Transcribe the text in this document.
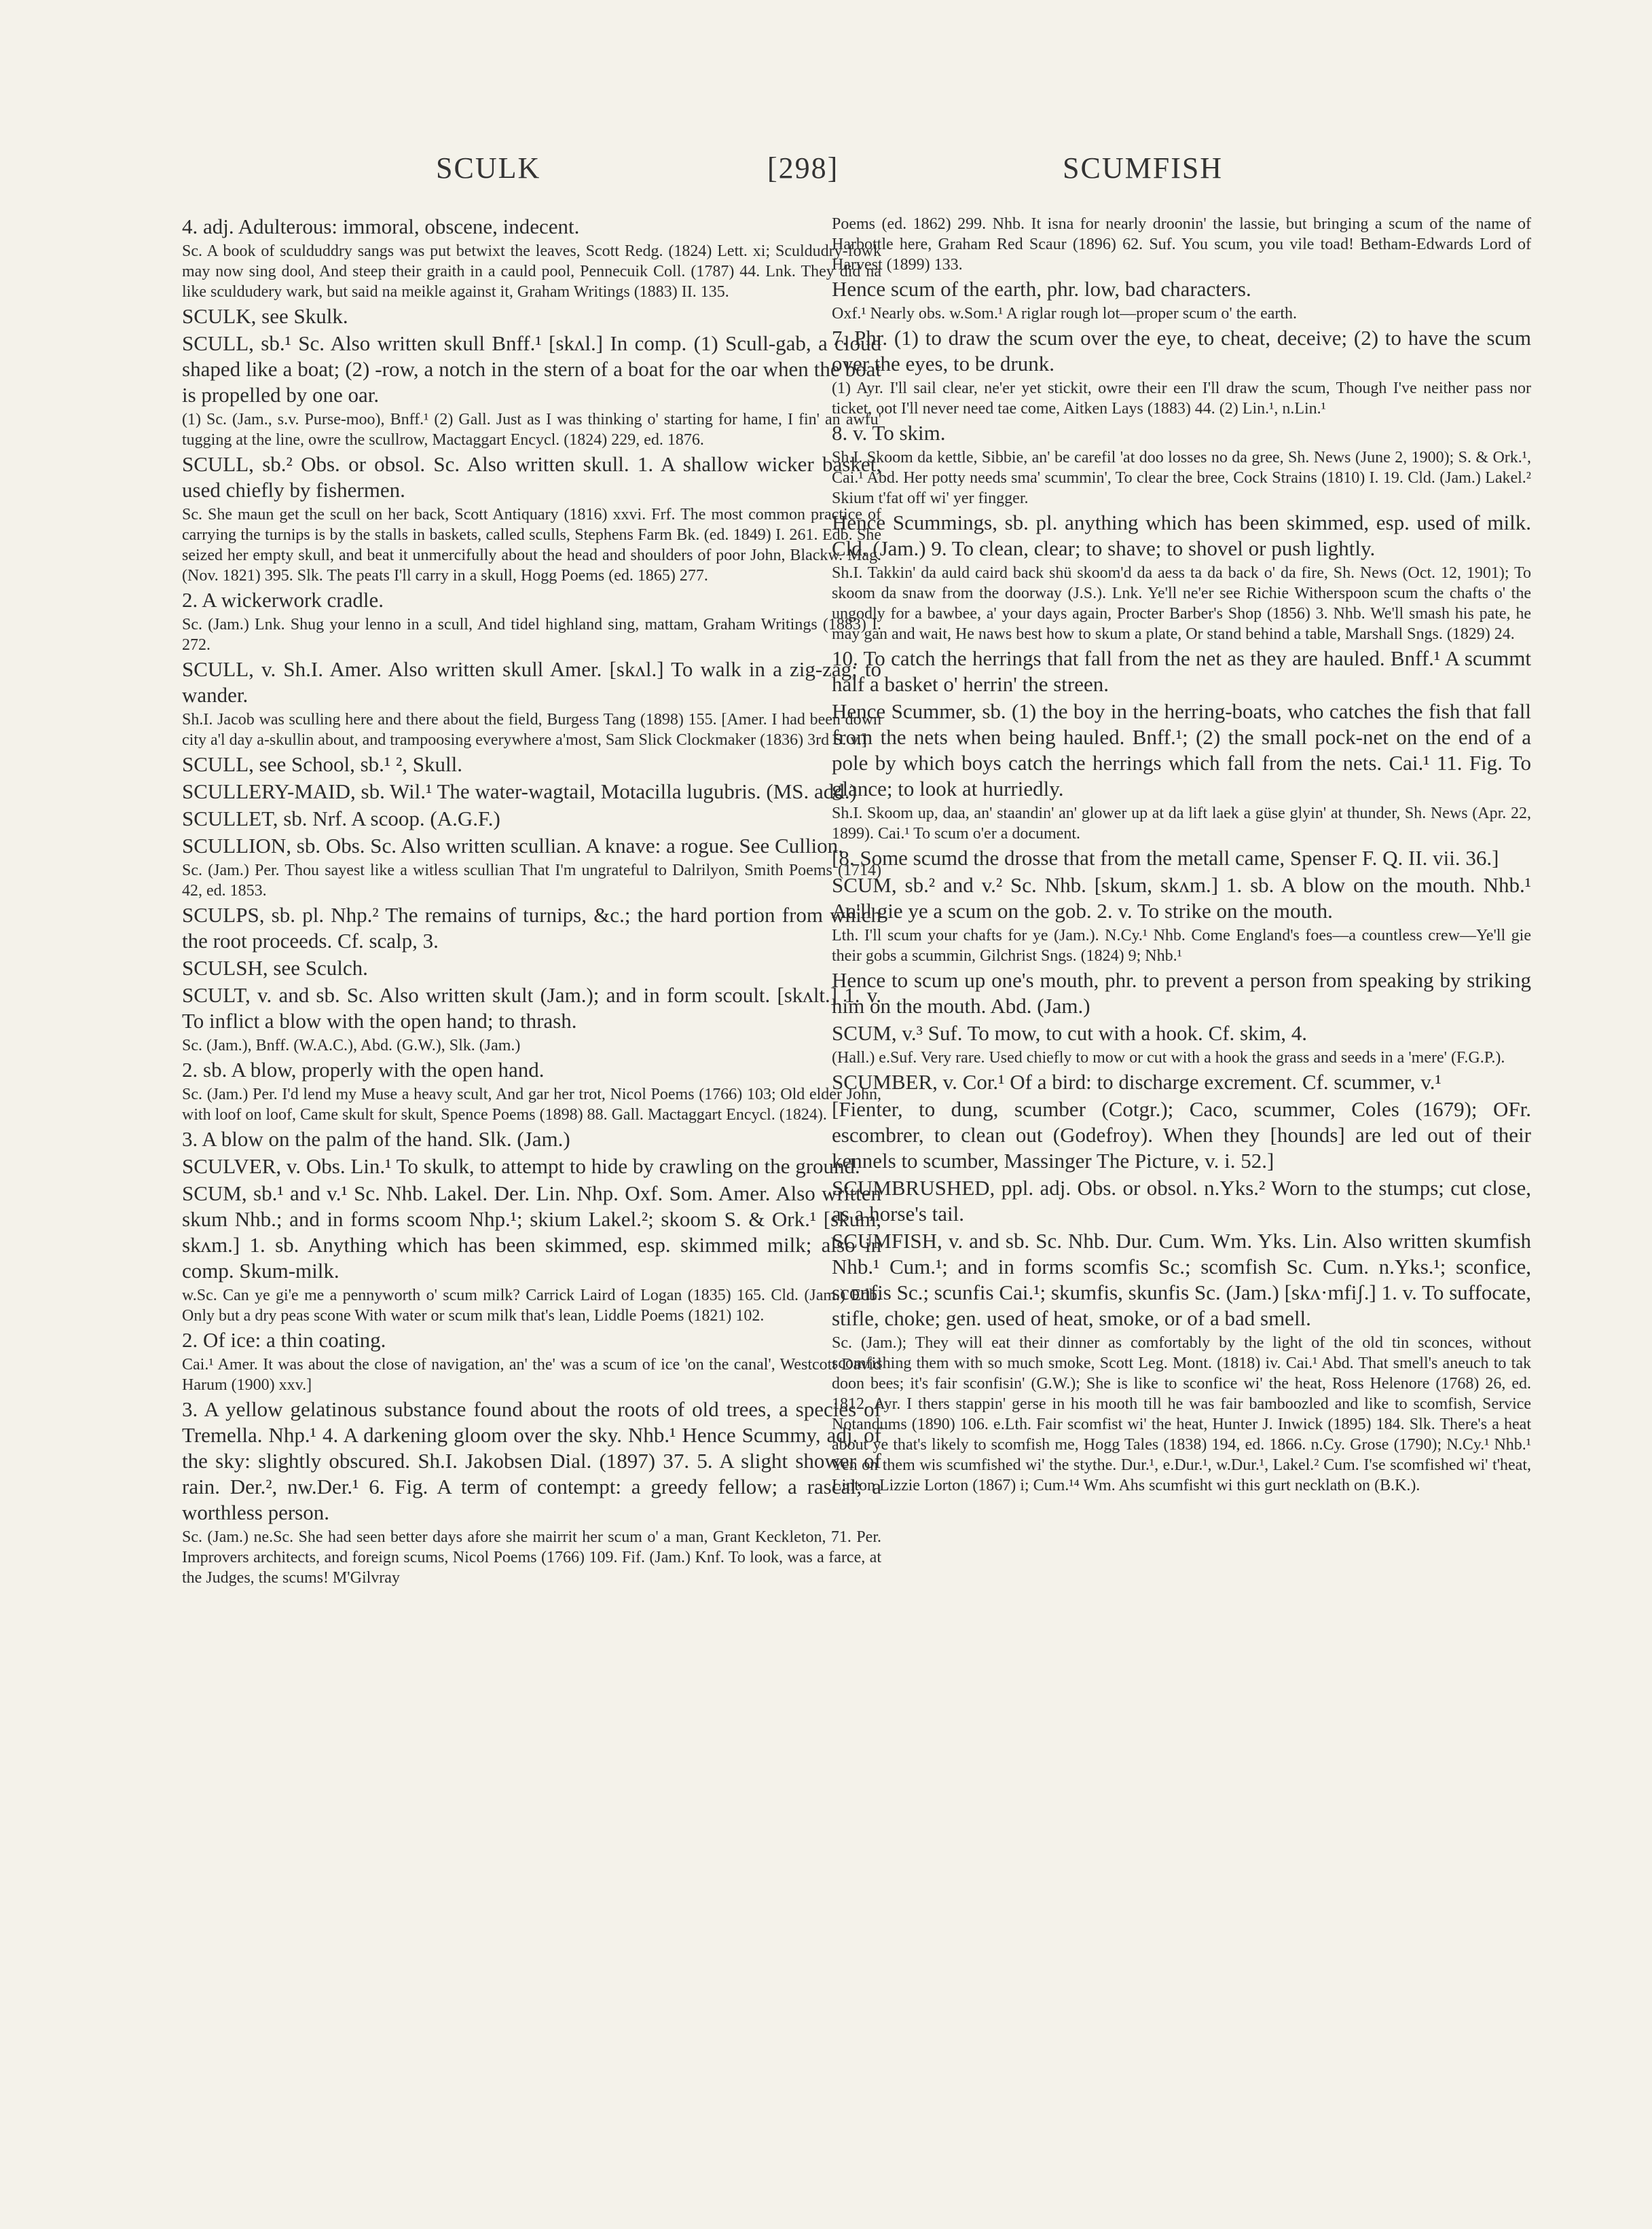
SCULK	[298]	SCUMFISH

4. adj. Adulterous: immoral, obscene, indecent.

Sc. A book of sculduddry sangs was put betwixt the leaves, Scott Redg. (1824) Lett. xi; Sculdudry-fowk may now sing dool, And steep their graith in a cauld pool, Pennecuik Coll. (1787) 44. Lnk. They did na like sculdudery wark, but said na meikle against it, Graham Writings (1883) II. 135.

SCULK, see Skulk.

SCULL, sb.¹ Sc. Also written skull Bnff.¹ [skʌl.] In comp. (1) Scull-gab, a cloud shaped like a boat; (2) -row, a notch in the stern of a boat for the oar when the boat is propelled by one oar.

(1) Sc. (Jam., s.v. Purse-moo), Bnff.¹ (2) Gall. Just as I was thinking o' starting for hame, I fin' an awfu' tugging at the line, owre the scullrow, Mactaggart Encycl. (1824) 229, ed. 1876.

SCULL, sb.² Obs. or obsol. Sc. Also written skull. 1. A shallow wicker basket, used chiefly by fishermen.

Sc. She maun get the scull on her back, Scott Antiquary (1816) xxvi. Frf. The most common practice of carrying the turnips is by the stalls in baskets, called sculls, Stephens Farm Bk. (ed. 1849) I. 261. Edb. She seized her empty skull, and beat it unmercifully about the head and shoulders of poor John, Blackw. Mag. (Nov. 1821) 395. Slk. The peats I'll carry in a skull, Hogg Poems (ed. 1865) 277.

2. A wickerwork cradle.

Sc. (Jam.) Lnk. Shug your lenno in a scull, And tidel highland sing, mattam, Graham Writings (1883) I. 272.

SCULL, v. Sh.I. Amer. Also written skull Amer. [skʌl.] To walk in a zig-zag; to wander.

Sh.I. Jacob was sculling here and there about the field, Burgess Tang (1898) 155. [Amer. I had been down city a'l day a-skullin about, and trampoosing everywhere a'most, Sam Slick Clockmaker (1836) 3rd S. v.]

SCULL, see School, sb.¹ ², Skull.

SCULLERY-MAID, sb. Wil.¹ The water-wagtail, Motacilla lugubris. (MS. add.)

SCULLET, sb. Nrf. A scoop. (A.G.F.)

SCULLION, sb. Obs. Sc. Also written scullian. A knave: a rogue. See Cullion.

Sc. (Jam.) Per. Thou sayest like a witless scullian That I'm ungrateful to Dalrilyon, Smith Poems (1714) 42, ed. 1853.

SCULPS, sb. pl. Nhp.² The remains of turnips, &c.; the hard portion from which the root proceeds. Cf. scalp, 3.

SCULSH, see Sculch.

SCULT, v. and sb. Sc. Also written skult (Jam.); and in form scoult. [skʌlt.] 1. v. To inflict a blow with the open hand; to thrash.

Sc. (Jam.), Bnff. (W.A.C.), Abd. (G.W.), Slk. (Jam.)

2. sb. A blow, properly with the open hand.

Sc. (Jam.) Per. I'd lend my Muse a heavy scult, And gar her trot, Nicol Poems (1766) 103; Old elder John, with loof on loof, Came skult for skult, Spence Poems (1898) 88. Gall. Mactaggart Encycl. (1824).

3. A blow on the palm of the hand. Slk. (Jam.)

SCULVER, v. Obs. Lin.¹ To skulk, to attempt to hide by crawling on the ground.

SCUM, sb.¹ and v.¹ Sc. Nhb. Lakel. Der. Lin. Nhp. Oxf. Som. Amer. Also written skum Nhb.; and in forms scoom Nhp.¹; skium Lakel.²; skoom S. & Ork.¹ [skum, skʌm.] 1. sb. Anything which has been skimmed, esp. skimmed milk; also in comp. Skum-milk.

w.Sc. Can ye gi'e me a pennyworth o' scum milk? Carrick Laird of Logan (1835) 165. Cld. (Jam.) Edb. Only but a dry peas scone With water or scum milk that's lean, Liddle Poems (1821) 102.

2. Of ice: a thin coating.

Cai.¹ Amer. It was about the close of navigation, an' the' was a scum of ice 'on the canal', Westcott David Harum (1900) xxv.]

3. A yellow gelatinous substance found about the roots of old trees, a species of Tremella. Nhp.¹ 4. A darkening gloom over the sky. Nhb.¹ Hence Scummy, adj. of the sky: slightly obscured. Sh.I. Jakobsen Dial. (1897) 37. 5. A slight shower of rain. Der.², nw.Der.¹ 6. Fig. A term of contempt: a greedy fellow; a rascal; a worthless person.

Sc. (Jam.) ne.Sc. She had seen better days afore she mairrit her scum o' a man, Grant Keckleton, 71. Per. Improvers architects, and foreign scums, Nicol Poems (1766) 109. Fif. (Jam.) Knf. To look, was a farce, at the Judges, the scums! M'Gilvray

Poems (ed. 1862) 299. Nhb. It isna for nearly droonin' the lassie, but bringing a scum of the name of Harbottle here, Graham Red Scaur (1896) 62. Suf. You scum, you vile toad! Betham-Edwards Lord of Harvest (1899) 133.

Hence scum of the earth, phr. low, bad characters.

Oxf.¹ Nearly obs. w.Som.¹ A riglar rough lot—proper scum o' the earth.

7. Phr. (1) to draw the scum over the eye, to cheat, deceive; (2) to have the scum over the eyes, to be drunk.

(1) Ayr. I'll sail clear, ne'er yet stickit, owre their een I'll draw the scum, Though I've neither pass nor ticket, oot I'll never need tae come, Aitken Lays (1883) 44. (2) Lin.¹, n.Lin.¹

8. v. To skim.

Sh.I. Skoom da kettle, Sibbie, an' be carefil 'at doo losses no da gree, Sh. News (June 2, 1900); S. & Ork.¹, Cai.¹ Abd. Her potty needs sma' scummin', To clear the bree, Cock Strains (1810) I. 19. Cld. (Jam.) Lakel.² Skium t'fat off wi' yer fingger.

Hence Scummings, sb. pl. anything which has been skimmed, esp. used of milk. Cld. (Jam.) 9. To clean, clear; to shave; to shovel or push lightly.

Sh.I. Takkin' da auld caird back shü skoom'd da aess ta da back o' da fire, Sh. News (Oct. 12, 1901); To skoom da snaw from the doorway (J.S.). Lnk. Ye'll ne'er see Richie Witherspoon scum the chafts o' the ungodly for a bawbee, a' your days again, Procter Barber's Shop (1856) 3. Nhb. We'll smash his pate, he may gan and wait, He naws best how to skum a plate, Or stand behind a table, Marshall Sngs. (1829) 24.

10. To catch the herrings that fall from the net as they are hauled. Bnff.¹ A scummt half a basket o' herrin' the streen.

Hence Scummer, sb. (1) the boy in the herring-boats, who catches the fish that fall from the nets when being hauled. Bnff.¹; (2) the small pock-net on the end of a pole by which boys catch the herrings which fall from the nets. Cai.¹ 11. Fig. To glance; to look at hurriedly.

Sh.I. Skoom up, daa, an' staandin' an' glower up at da lift laek a güse glyin' at thunder, Sh. News (Apr. 22, 1899). Cai.¹ To scum o'er a document.

[8. Some scumd the drosse that from the metall came, Spenser F. Q. II. vii. 36.]

SCUM, sb.² and v.² Sc. Nhb. [skum, skʌm.] 1. sb. A blow on the mouth. Nhb.¹ Aa'll gie ye a scum on the gob. 2. v. To strike on the mouth.

Lth. I'll scum your chafts for ye (Jam.). N.Cy.¹ Nhb. Come England's foes—a countless crew—Ye'll gie their gobs a scummin, Gilchrist Sngs. (1824) 9; Nhb.¹

Hence to scum up one's mouth, phr. to prevent a person from speaking by striking him on the mouth. Abd. (Jam.)

SCUM, v.³ Suf. To mow, to cut with a hook. Cf. skim, 4.

(Hall.) e.Suf. Very rare. Used chiefly to mow or cut with a hook the grass and seeds in a 'mere' (F.G.P.).

SCUMBER, v. Cor.¹ Of a bird: to discharge excrement. Cf. scummer, v.¹

[Fienter, to dung, scumber (Cotgr.); Caco, scummer, Coles (1679); OFr. escombrer, to clean out (Godefroy). When they [hounds] are led out of their kennels to scumber, Massinger The Picture, v. i. 52.]

SCUMBRUSHED, ppl. adj. Obs. or obsol. n.Yks.² Worn to the stumps; cut close, as a horse's tail.

SCUMFISH, v. and sb. Sc. Nhb. Dur. Cum. Wm. Yks. Lin. Also written skumfish Nhb.¹ Cum.¹; and in forms scomfis Sc.; scomfish Sc. Cum. n.Yks.¹; sconfice, sconfis Sc.; scunfis Cai.¹; skumfis, skunfis Sc. (Jam.) [skʌ·mfiʃ.] 1. v. To suffocate, stifle, choke; gen. used of heat, smoke, or of a bad smell.

Sc. (Jam.); They will eat their dinner as comfortably by the light of the old tin sconces, without scomfishing them with so much smoke, Scott Leg. Mont. (1818) iv. Cai.¹ Abd. That smell's aneuch to tak doon bees; it's fair sconfisin' (G.W.); She is like to sconfice wi' the heat, Ross Helenore (1768) 26, ed. 1812. Ayr. I thers stappin' gerse in his mooth till he was fair bamboozled and like to scomfish, Service Notandums (1890) 106. e.Lth. Fair scomfist wi' the heat, Hunter J. Inwick (1895) 184. Slk. There's a heat about ye that's likely to scomfish me, Hogg Tales (1838) 194, ed. 1866. n.Cy. Grose (1790); N.Cy.¹ Nhb.¹ Yen on them wis scumfished wi' the stythe. Dur.¹, e.Dur.¹, w.Dur.¹, Lakel.² Cum. I'se scomfished wi' t'heat, Linton Lizzie Lorton (1867) i; Cum.¹⁴ Wm. Ahs scumfisht wi this gurt necklath on (B.K.).
